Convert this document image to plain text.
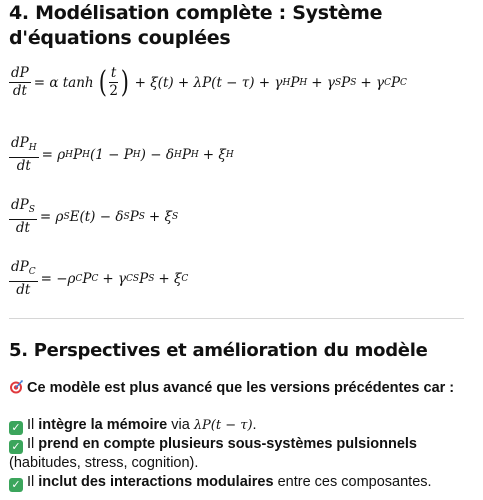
4. Modélisation complète : Système d'équations couplées
$\frac{dP}{dt} = \alpha$ tanh ( $\frac{t}{2}$ ) + ξ(t) + λP(t − τ) + γ H P H + γ S P S + γ C P C
$\frac{dP_H}{dt} = \rho$ H P H (1 − P H ) − δ H P H + ξ H
$\frac{dP_S}{dt} = \rho$ S E(t) − δ S P S + ξ S
$\frac{dP_C}{dt} = -\rho$ C P C + γ CS P S + ξ C
5. Perspectives et amélioration du modèle
Ce modèle est plus avancé que les versions précédentes car :
✓ Il intègre la mémoire via λP(t − τ).
✓ Il prend en compte plusieurs sous-systèmes pulsionnels (habitudes, stress, cognition).
✓ Il inclut des interactions modulaires entre ces composantes.
